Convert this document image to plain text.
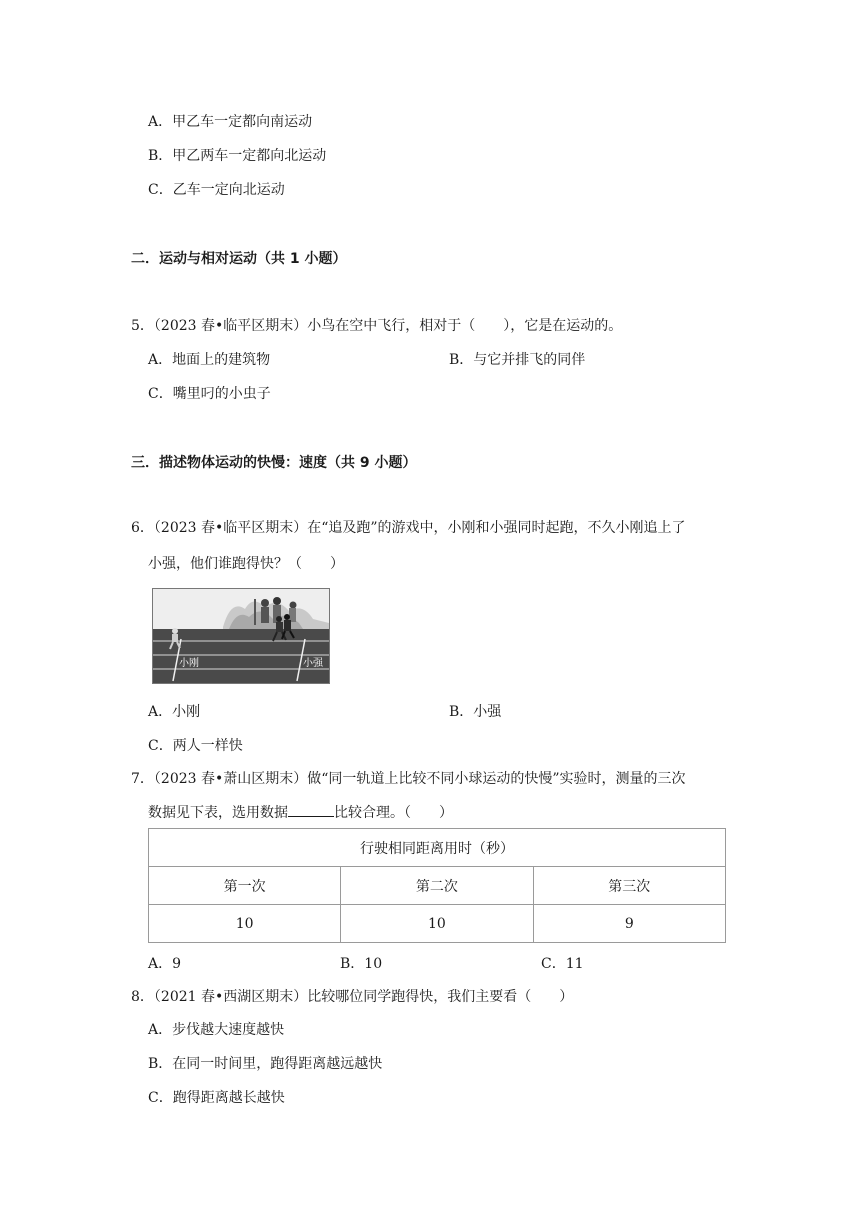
A．甲乙车一定都向南运动
B．甲乙两车一定都向北运动
C．乙车一定向北运动
二．运动与相对运动（共 1 小题）
5．（2023 春•临平区期末）小鸟在空中飞行，相对于（　　），它是在运动的。
A．地面上的建筑物	B．与它并排飞的同伴
C．嘴里叼的小虫子
三．描述物体运动的快慢：速度（共 9 小题）
6．（2023 春•临平区期末）在“追及跑”的游戏中，小刚和小强同时起跑，不久小刚追上了
小强，他们谁跑得快？（　　）
小刚	小强
A．小刚	B．小强
C．两人一样快
7．（2023 春•萧山区期末）做“同一轨道上比较不同小球运动的快慢”实验时，测量的三次
数据见下表，选用数据	比较合理。（　　）
行驶相同距离用时（秒）		
第一次	第二次	第三次
10	10	9
A．9	B．10	C．11
8．（2021 春•西湖区期末）比较哪位同学跑得快，我们主要看（　　）
A．步伐越大速度越快
B．在同一时间里，跑得距离越远越快
C．跑得距离越长越快
